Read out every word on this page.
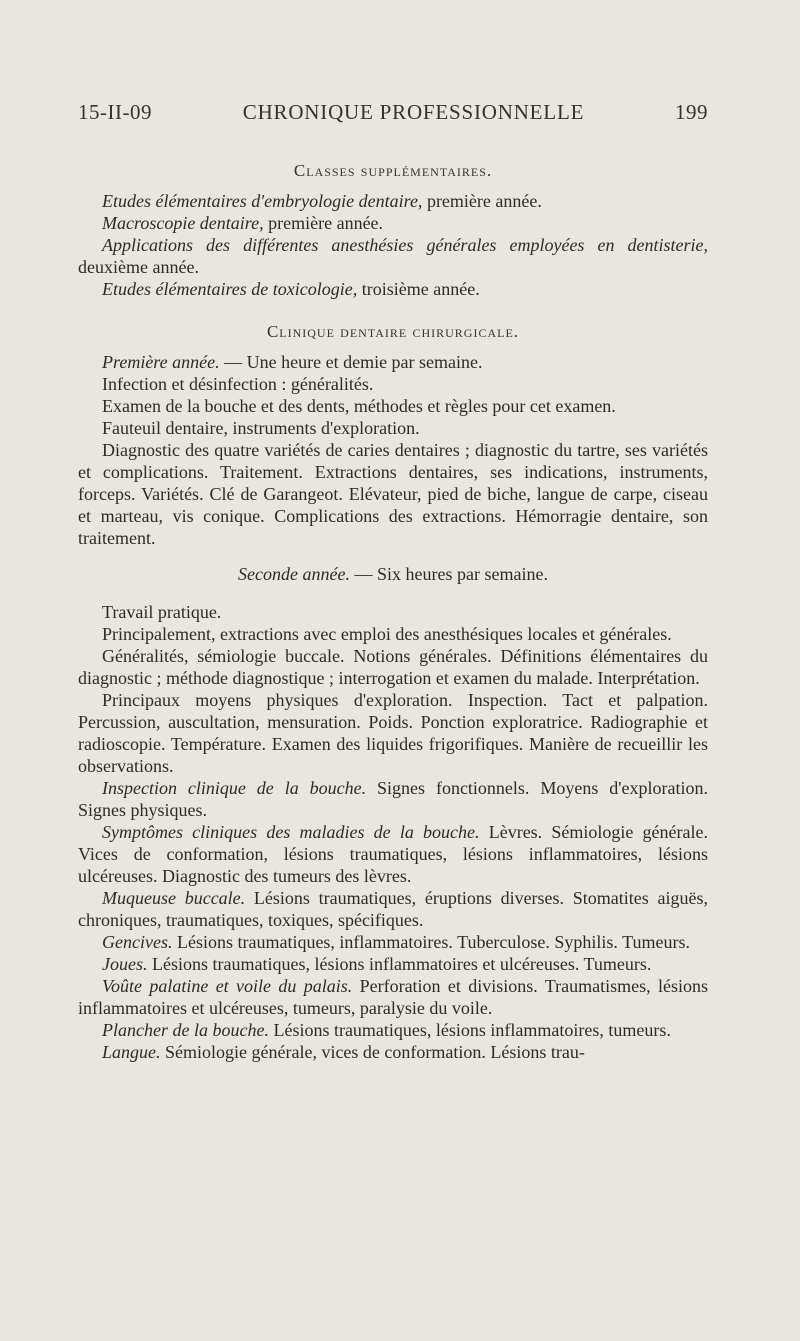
15-II-09	CHRONIQUE PROFESSIONNELLE	199
Classes supplémentaires.

Etudes élémentaires d'embryologie dentaire, première année.

Macroscopie dentaire, première année.

Applications des différentes anesthésies générales employées en dentisterie, deuxième année.

Etudes élémentaires de toxicologie, troisième année.

Clinique dentaire chirurgicale.

Première année. — Une heure et demie par semaine.

Infection et désinfection : généralités.

Examen de la bouche et des dents, méthodes et règles pour cet examen.

Fauteuil dentaire, instruments d'exploration.

Diagnostic des quatre variétés de caries dentaires ; diagnostic du tartre, ses variétés et complications. Traitement. Extractions dentaires, ses indications, instruments, forceps. Variétés. Clé de Garangeot. Elévateur, pied de biche, langue de carpe, ciseau et marteau, vis conique. Complications des extractions. Hémorragie dentaire, son traitement.

Seconde année. — Six heures par semaine.

Travail pratique.

Principalement, extractions avec emploi des anesthésiques locales et générales.

Généralités, sémiologie buccale. Notions générales. Définitions élémentaires du diagnostic ; méthode diagnostique ; interrogation et examen du malade. Interprétation.

Principaux moyens physiques d'exploration. Inspection. Tact et palpation. Percussion, auscultation, mensuration. Poids. Ponction exploratrice. Radiographie et radioscopie. Température. Examen des liquides frigorifiques. Manière de recueillir les observations.

Inspection clinique de la bouche. Signes fonctionnels. Moyens d'exploration. Signes physiques.

Symptômes cliniques des maladies de la bouche. Lèvres. Sémiologie générale. Vices de conformation, lésions traumatiques, lésions inflammatoires, lésions ulcéreuses. Diagnostic des tumeurs des lèvres.

Muqueuse buccale. Lésions traumatiques, éruptions diverses. Stomatites aiguës, chroniques, traumatiques, toxiques, spécifiques.

Gencives. Lésions traumatiques, inflammatoires. Tuberculose. Syphilis. Tumeurs.

Joues. Lésions traumatiques, lésions inflammatoires et ulcéreuses. Tumeurs.

Voûte palatine et voile du palais. Perforation et divisions. Traumatismes, lésions inflammatoires et ulcéreuses, tumeurs, paralysie du voile.

Plancher de la bouche. Lésions traumatiques, lésions inflammatoires, tumeurs.

Langue. Sémiologie générale, vices de conformation. Lésions trau-
